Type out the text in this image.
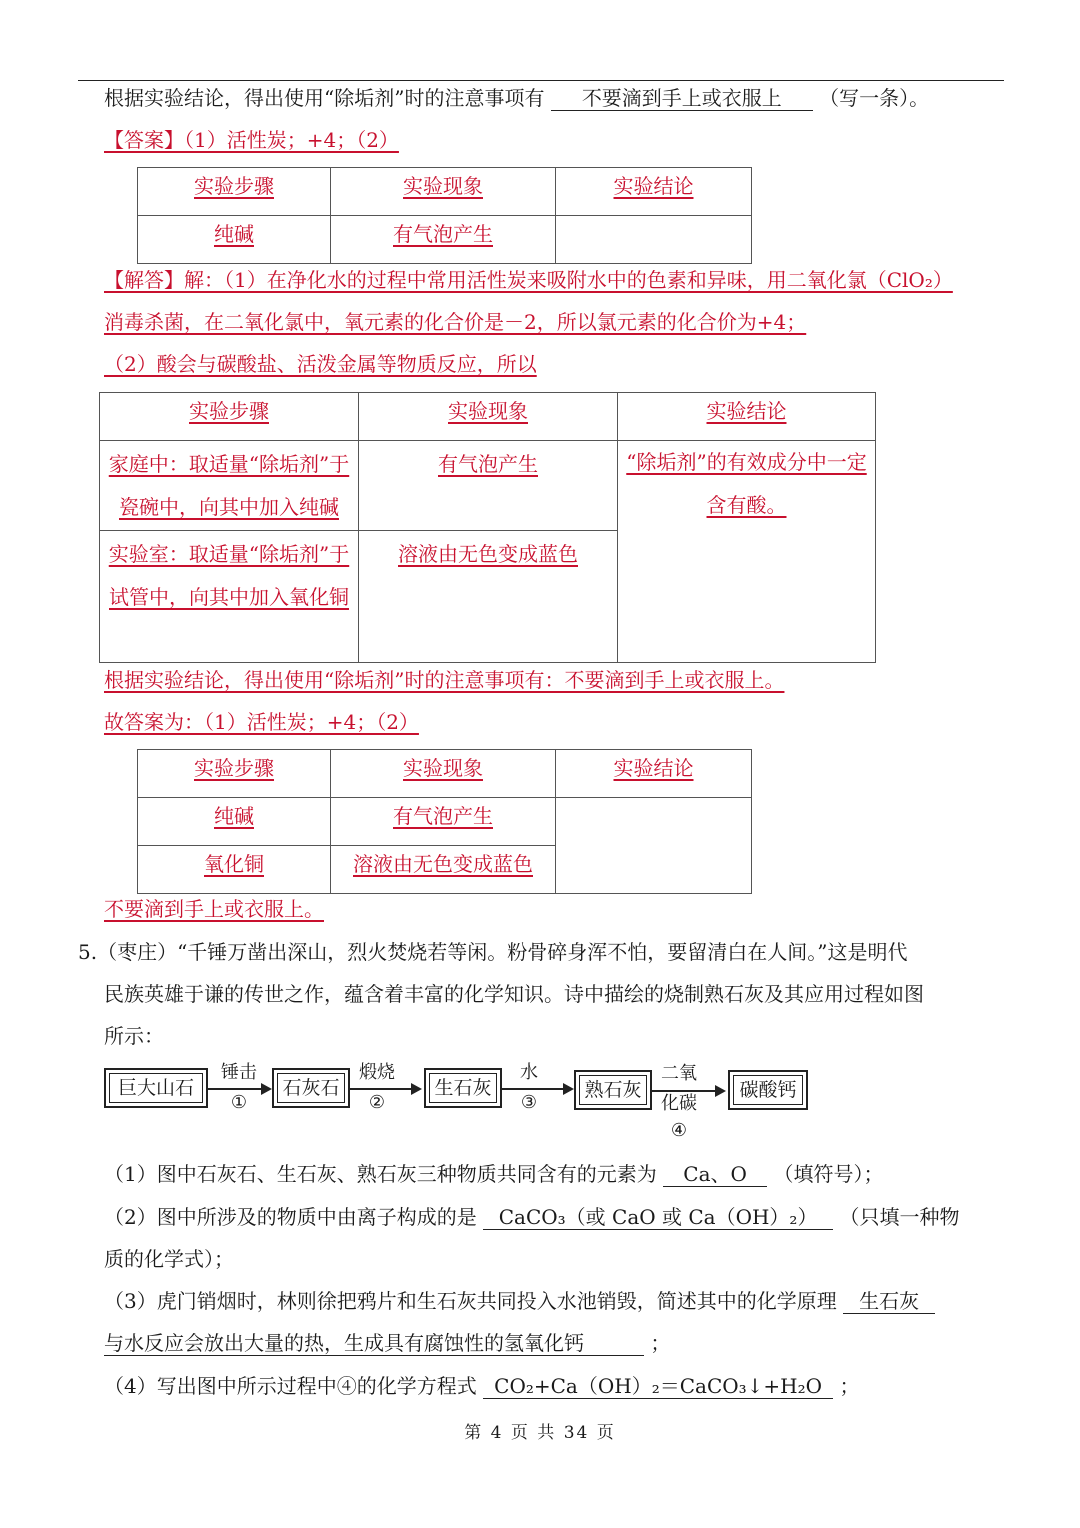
根据实验结论，得出使用“除垢剂”时的注意事项有 不要滴到手上或衣服上 （写一条）。
【答案】（1）活性炭；+4；（2）
实验步骤	实验现象	实验结论
纯碱	有气泡产生	
【解答】解：（1）在净化水的过程中常用活性炭来吸附水中的色素和异味，用二氧化氯（ClO₂）
消毒杀菌，在二氧化氯中，氧元素的化合价是－2，所以氯元素的化合价为+4；
（2）酸会与碳酸盐、活泼金属等物质反应，所以
实验步骤	实验现象	实验结论

家庭中：取适量“除垢剂”于瓷碗中，向其中加入纯碱	有气泡产生	“除垢剂”的有效成分中一定含有酸。

实验室：取适量“除垢剂”于试管中，向其中加入氧化铜	溶液由无色变成蓝色	
根据实验结论，得出使用“除垢剂”时的注意事项有：不要滴到手上或衣服上。
故答案为：（1）活性炭；+4；（2）
实验步骤	实验现象	实验结论
纯碱	有气泡产生	
氧化铜	溶液由无色变成蓝色	
不要滴到手上或衣服上。
5.（枣庄）“千锤万凿出深山，烈火焚烧若等闲。粉骨碎身浑不怕，要留清白在人间。”这是明代
民族英雄于谦的传世之作，蕴含着丰富的化学知识。诗中描绘的烧制熟石灰及其应用过程如图
所示：
巨大山石
锤击
①
石灰石
煅烧
②
生石灰
水
③
熟石灰
二氧
化碳
④
碳酸钙
（1）图中石灰石、生石灰、熟石灰三种物质共同含有的元素为 Ca、O （填符号）；
（2）图中所涉及的物质中由离子构成的是 CaCO₃（或 CaO 或 Ca（OH）₂） （只填一种物
质的化学式）；
（3）虎门销烟时，林则徐把鸦片和生石灰共同投入水池销毁，简述其中的化学原理 生石灰
与水反应会放出大量的热，生成具有腐蚀性的氢氧化钙	；
（4）写出图中所示过程中④的化学方程式 CO₂+Ca（OH）₂＝CaCO₃↓+H₂O ；
第 4 页 共 34 页
